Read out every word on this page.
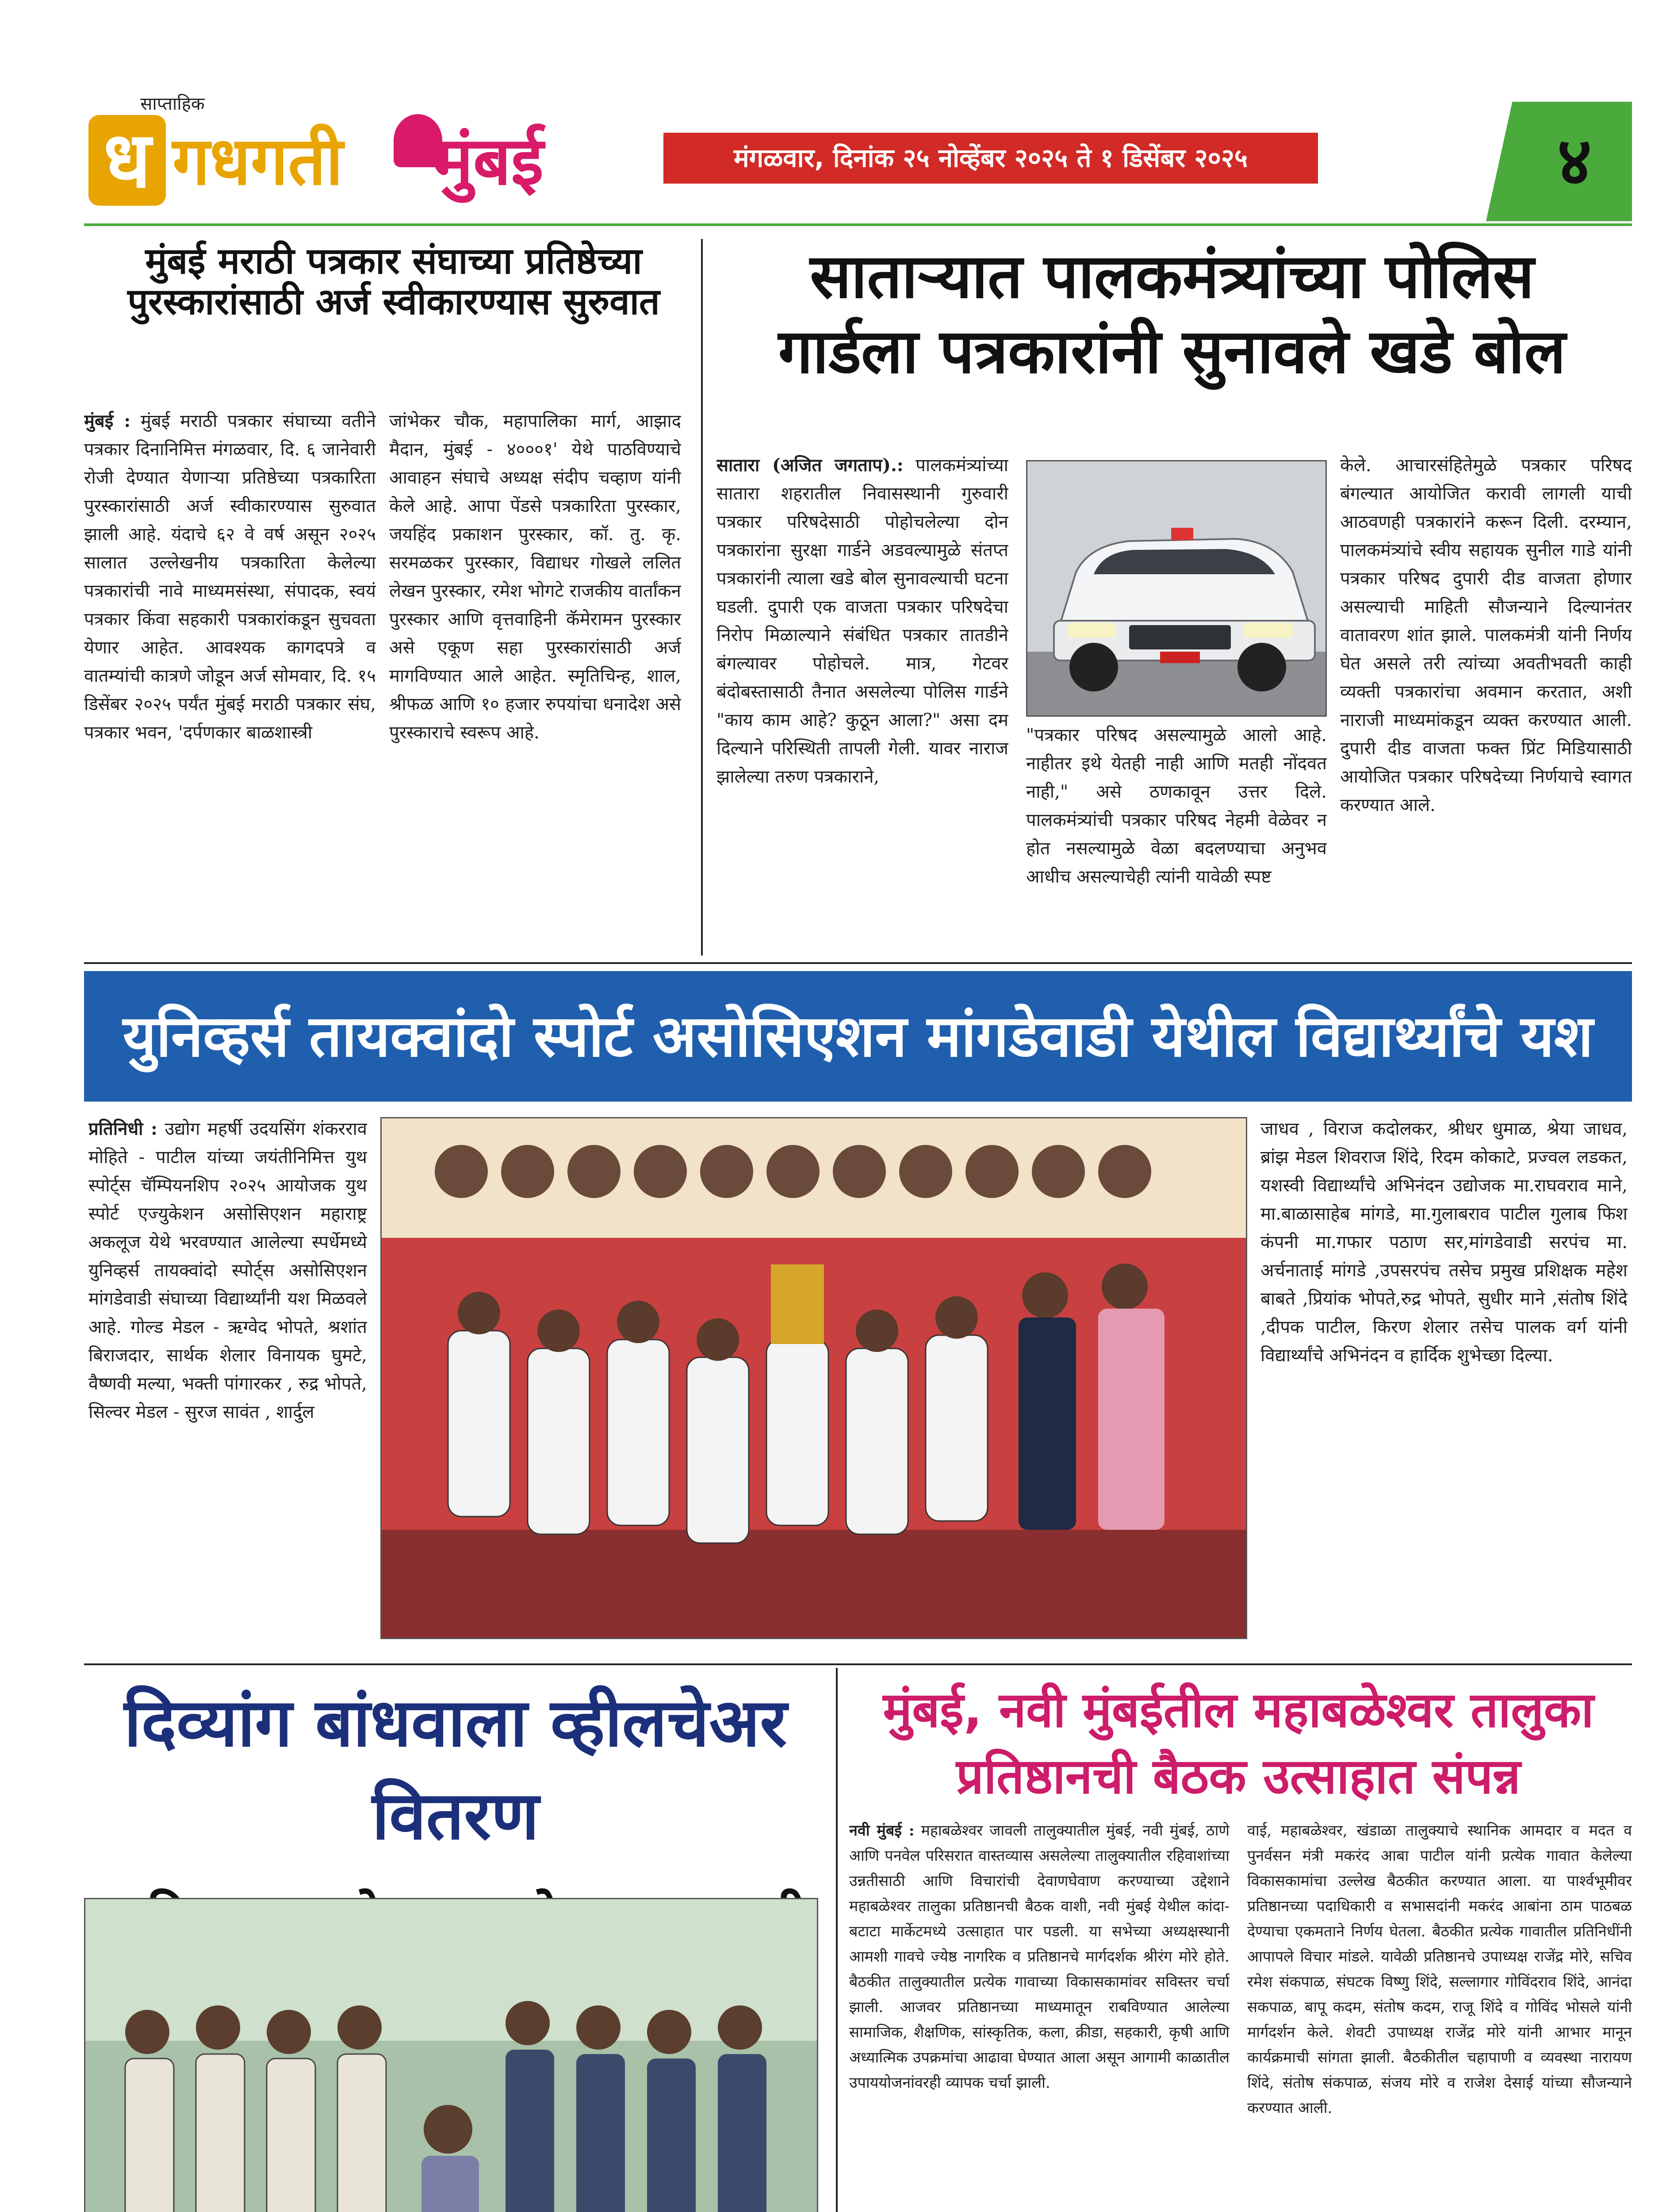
साप्ताहिक
ध गधगती मुंबई	मंगळवार, दिनांक २५ नोव्हेंबर २०२५ ते १ डिसेंबर २०२५	४
मुंबई मराठी पत्रकार संघाच्या प्रतिष्ठेच्या
पुरस्कारांसाठी अर्ज स्वीकारण्यास सुरुवात
मुंबई : मुंबई मराठी पत्रकार संघाच्या वतीने पत्रकार दिनानिमित्त मंगळवार, दि. ६ जानेवारी रोजी देण्यात येणाऱ्या प्रतिष्ठेच्या पत्रकारिता पुरस्कारांसाठी अर्ज स्वीकारण्यास सुरुवात झाली आहे. यंदाचे ६२ वे वर्ष असून २०२५ सालात उल्लेखनीय पत्रकारिता केलेल्या पत्रकारांची नावे माध्यमसंस्था, संपादक, स्वयं पत्रकार किंवा सहकारी पत्रकारांकडून सुचवता येणार आहेत. आवश्यक कागदपत्रे व वातम्यांची कात्रणे जोडून अर्ज सोमवार, दि. १५ डिसेंबर २०२५ पर्यंत मुंबई मराठी पत्रकार संघ, पत्रकार भवन, 'दर्पणकार बाळशास्त्री
जांभेकर चौक, महापालिका मार्ग, आझाद मैदान, मुंबई - ४०००१' येथे पाठविण्याचे आवाहन संघाचे अध्यक्ष संदीप चव्हाण यांनी केले आहे. आपा पेंडसे पत्रकारिता पुरस्कार, जयहिंद प्रकाशन पुरस्कार, कॉ. तु. कृ. सरमळकर पुरस्कार, विद्याधर गोखले ललित लेखन पुरस्कार, रमेश भोगटे राजकीय वार्तांकन पुरस्कार आणि वृत्तवाहिनी कॅमेरामन पुरस्कार असे एकूण सहा पुरस्कारांसाठी अर्ज मागविण्यात आले आहेत. स्मृतिचिन्ह, शाल, श्रीफळ आणि १० हजार रुपयांचा धनादेश असे पुरस्काराचे स्वरूप आहे.
साताऱ्यात पालकमंत्र्यांच्या पोलिस
गार्डला पत्रकारांनी सुनावले खडे बोल
सातारा (अजित जगताप).: पालकमंत्र्यांच्या सातारा शहरातील निवासस्थानी गुरुवारी पत्रकार परिषदेसाठी पोहोचलेल्या दोन पत्रकारांना सुरक्षा गार्डने अडवल्यामुळे संतप्त पत्रकारांनी त्याला खडे बोल सुनावल्याची घटना घडली. दुपारी एक वाजता पत्रकार परिषदेचा निरोप मिळाल्याने संबंधित पत्रकार तातडीने बंगल्यावर पोहोचले. मात्र, गेटवर बंदोबस्तासाठी तैनात असलेल्या पोलिस गार्डने "काय काम आहे? कुठून आला?" असा दम दिल्याने परिस्थिती तापली गेली. यावर नाराज झालेल्या तरुण पत्रकाराने,
"पत्रकार परिषद असल्यामुळे आलो आहे. नाहीतर इथे येतही नाही आणि मतही नोंदवत नाही," असे ठणकावून उत्तर दिले. पालकमंत्र्यांची पत्रकार परिषद नेहमी वेळेवर न होत नसल्यामुळे वेळा बदलण्याचा अनुभव आधीच असल्याचेही त्यांनी यावेळी स्पष्ट
केले. आचारसंहितेमुळे पत्रकार परिषद बंगल्यात आयोजित करावी लागली याची आठवणही पत्रकारांने करून दिली. दरम्यान, पालकमंत्र्यांचे स्वीय सहायक सुनील गाडे यांनी पत्रकार परिषद दुपारी दीड वाजता होणार असल्याची माहिती सौजन्याने दिल्यानंतर वातावरण शांत झाले. पालकमंत्री यांनी निर्णय घेत असले तरी त्यांच्या अवतीभवती काही व्यक्ती पत्रकारांचा अवमान करतात, अशी नाराजी माध्यमांकडून व्यक्त करण्यात आली. दुपारी दीड वाजता फक्त प्रिंट मिडियासाठी आयोजित पत्रकार परिषदेच्या निर्णयाचे स्वागत करण्यात आले.
युनिव्हर्स तायक्वांदो स्पोर्ट असोसिएशन मांगडेवाडी येथील विद्यार्थ्यांचे यश
प्रतिनिधी : उद्योग महर्षी उदयसिंग शंकरराव मोहिते - पाटील यांच्या जयंतीनिमित्त युथ स्पोर्ट्स चॅम्पियनशिप २०२५ आयोजक युथ स्पोर्ट एज्युकेशन असोसिएशन महाराष्ट्र अकलूज येथे भरवण्यात आलेल्या स्पर्धेमध्ये युनिव्हर्स तायक्वांदो स्पोर्ट्स असोसिएशन मांगडेवाडी संघाच्या विद्यार्थ्यांनी यश मिळवले आहे. गोल्ड मेडल - ऋग्वेद भोपते, श्रशांत बिराजदार, सार्थक शेलार विनायक घुमटे, वैष्णवी मल्या, भक्ती पांगारकर , रुद्र भोपते, सिल्वर मेडल - सुरज सावंत , शार्दुल
जाधव , विराज कदोलकर, श्रीधर धुमाळ, श्रेया जाधव, ब्रांझ मेडल शिवराज शिंदे, रिदम कोकाटे, प्रज्वल लडकत, यशस्वी विद्यार्थ्यांचे अभिनंदन उद्योजक मा.राघवराव माने, मा.बाळासाहेब मांगडे, मा.गुलाबराव पाटील गुलाब फिश कंपनी मा.गफार पठाण सर,मांगडेवाडी सरपंच मा. अर्चनाताई मांगडे ,उपसरपंच तसेच प्रमुख प्रशिक्षक महेश बाबते ,प्रियांक भोपते,रुद्र भोपते, सुधीर माने ,संतोष शिंदे ,दीपक पाटील, किरण शेलार तसेच पालक वर्ग यांनी विद्यार्थ्यांचे अभिनंदन व हार्दिक शुभेच्छा दिल्या.
दिव्यांग बांधवाला व्हीलचेअर वितरण
मुंबई, नवी मुंबईतील महाबळेश्वर तालुका
प्रतिष्ठानची बैठक उत्साहात संपन्न
नवी मुंबई : महाबळेश्वर जावली तालुक्यातील मुंबई, नवी मुंबई, ठाणे आणि पनवेल परिसरात वास्तव्यास असलेल्या तालुक्यातील रहिवाशांच्या उन्नतीसाठी आणि विचारांची देवाणघेवाण करण्याच्या उद्देशाने महाबळेश्वर तालुका प्रतिष्ठानची बैठक वाशी, नवी मुंबई येथील कांदा-बटाटा मार्केटमध्ये उत्साहात पार पडली. या सभेच्या अध्यक्षस्थानी आमशी गावचे ज्येष्ठ नागरिक व प्रतिष्ठानचे मार्गदर्शक श्रीरंग मोरे होते. बैठकीत तालुक्यातील प्रत्येक गावाच्या विकासकामांवर सविस्तर चर्चा झाली. आजवर प्रतिष्ठानच्या माध्यमातून राबविण्यात आलेल्या सामाजिक, शैक्षणिक, सांस्कृतिक, कला, क्रीडा, सहकारी, कृषी आणि अध्यात्मिक उपक्रमांचा आढावा घेण्यात आला असून आगामी काळातील उपाययोजनांवरही व्यापक चर्चा झाली.
वाई, महाबळेश्वर, खंडाळा तालुक्याचे स्थानिक आमदार व मदत व पुनर्वसन मंत्री मकरंद आबा पाटील यांनी प्रत्येक गावात केलेल्या विकासकामांचा उल्लेख बैठकीत करण्यात आला. या पार्श्वभूमीवर प्रतिष्ठानच्या पदाधिकारी व सभासदांनी मकरंद आबांना ठाम पाठबळ देण्याचा एकमताने निर्णय घेतला. बैठकीत प्रत्येक गावातील प्रतिनिधींनी आपापले विचार मांडले. यावेळी प्रतिष्ठानचे उपाध्यक्ष राजेंद्र मोरे, सचिव रमेश संकपाळ, संघटक विष्णु शिंदे, सल्लागार गोविंदराव शिंदे, आनंदा सकपाळ, बापू कदम, संतोष कदम, राजू शिंदे व गोविंद भोसले यांनी मार्गदर्शन केले. शेवटी उपाध्यक्ष राजेंद्र मोरे यांनी आभार मानून कार्यक्रमाची सांगता झाली. बैठकीतील चहापाणी व व्यवस्था नारायण शिंदे, संतोष संकपाळ, संजय मोरे व राजेश देसाई यांच्या सौजन्याने करण्यात आली.
